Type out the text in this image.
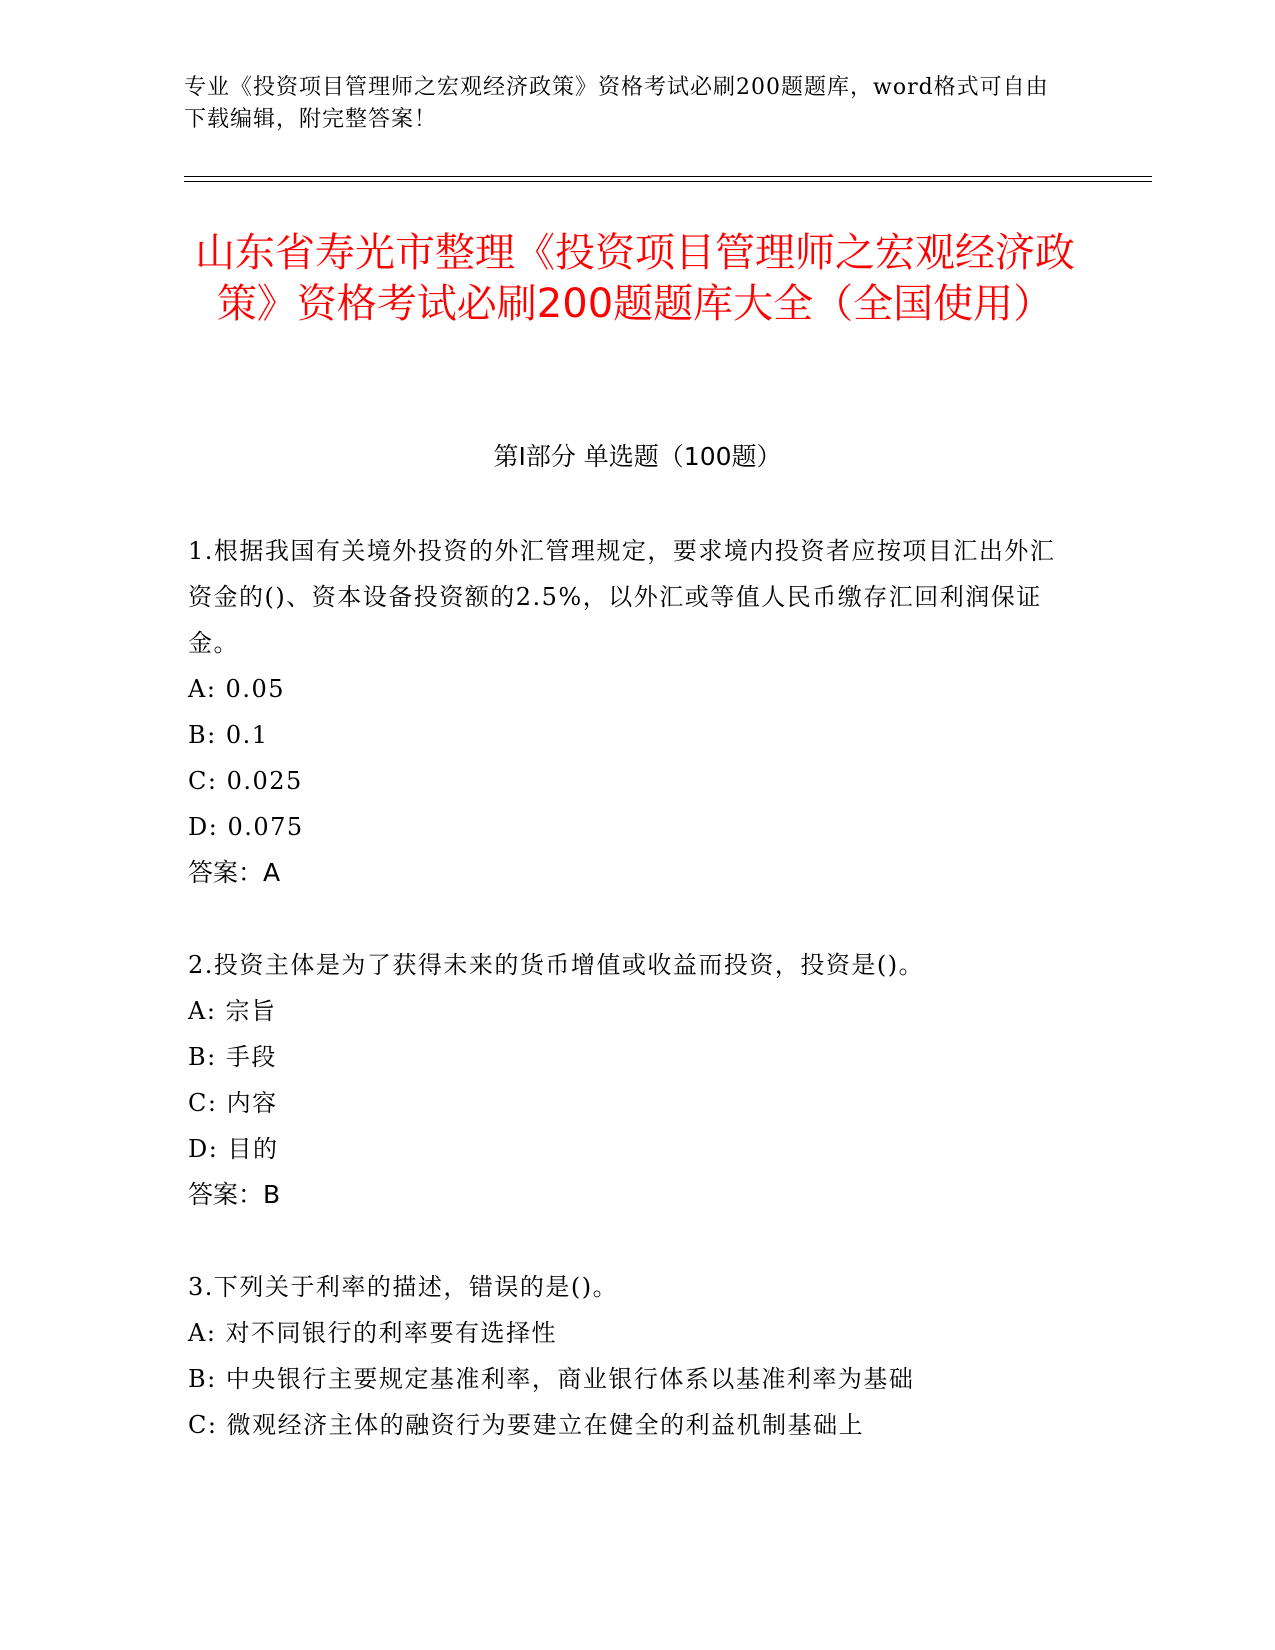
专业《投资项目管理师之宏观经济政策》资格考试必刷200题题库，word格式可自由下载编辑，附完整答案！
山东省寿光市整理《投资项目管理师之宏观经济政策》资格考试必刷200题题库大全（全国使用）
第I部分 单选题（100题）

1.根据我国有关境外投资的外汇管理规定，要求境内投资者应按项目汇出外汇资金的()、资本设备投资额的2.5%，以外汇或等值人民币缴存汇回利润保证金。

A: 0.05

B: 0.1

C: 0.025

D: 0.075

答案：A

2.投资主体是为了获得未来的货币增值或收益而投资，投资是()。

A: 宗旨

B: 手段

C: 内容

D: 目的

答案：B

3.下列关于利率的描述，错误的是()。

A: 对不同银行的利率要有选择性

B: 中央银行主要规定基准利率，商业银行体系以基准利率为基础

C: 微观经济主体的融资行为要建立在健全的利益机制基础上
